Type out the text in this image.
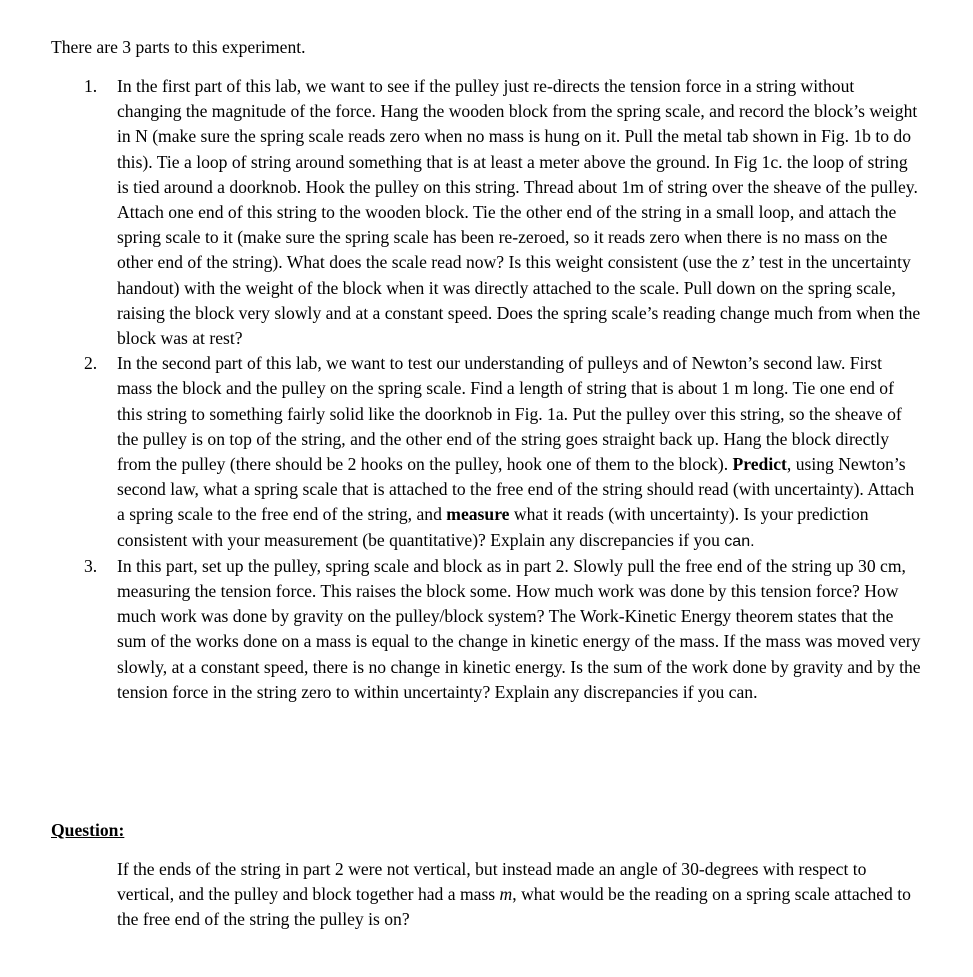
There are 3 parts to this experiment.

1. In the first part of this lab, we want to see if the pulley just re-directs the tension force in a string without changing the magnitude of the force. Hang the wooden block from the spring scale, and record the block’s weight in N (make sure the spring scale reads zero when no mass is hung on it. Pull the metal tab shown in Fig. 1b to do this). Tie a loop of string around something that is at least a meter above the ground. In Fig 1c. the loop of string is tied around a doorknob. Hook the pulley on this string. Thread about 1m of string over the sheave of the pulley. Attach one end of this string to the wooden block. Tie the other end of the string in a small loop, and attach the spring scale to it (make sure the spring scale has been re-zeroed, so it reads zero when there is no mass on the other end of the string). What does the scale read now? Is this weight consistent (use the z’ test in the uncertainty handout) with the weight of the block when it was directly attached to the scale. Pull down on the spring scale, raising the block very slowly and at a constant speed. Does the spring scale’s reading change much from when the block was at rest?
2. In the second part of this lab, we want to test our understanding of pulleys and of Newton’s second law. First mass the block and the pulley on the spring scale. Find a length of string that is about 1 m long. Tie one end of this string to something fairly solid like the doorknob in Fig. 1a. Put the pulley over this string, so the sheave of the pulley is on top of the string, and the other end of the string goes straight back up. Hang the block directly from the pulley (there should be 2 hooks on the pulley, hook one of them to the block). Predict, using Newton’s second law, what a spring scale that is attached to the free end of the string should read (with uncertainty). Attach a spring scale to the free end of the string, and measure what it reads (with uncertainty). Is your prediction consistent with your measurement (be quantitative)? Explain any discrepancies if you can.
3. In this part, set up the pulley, spring scale and block as in part 2. Slowly pull the free end of the string up 30 cm, measuring the tension force. This raises the block some. How much work was done by this tension force? How much work was done by gravity on the pulley/block system? The Work-Kinetic Energy theorem states that the sum of the works done on a mass is equal to the change in kinetic energy of the mass. If the mass was moved very slowly, at a constant speed, there is no change in kinetic energy. Is the sum of the work done by gravity and by the tension force in the string zero to within uncertainty? Explain any discrepancies if you can.

Question:

If the ends of the string in part 2 were not vertical, but instead made an angle of 30-degrees with respect to vertical, and the pulley and block together had a mass m, what would be the reading on a spring scale attached to the free end of the string the pulley is on?
